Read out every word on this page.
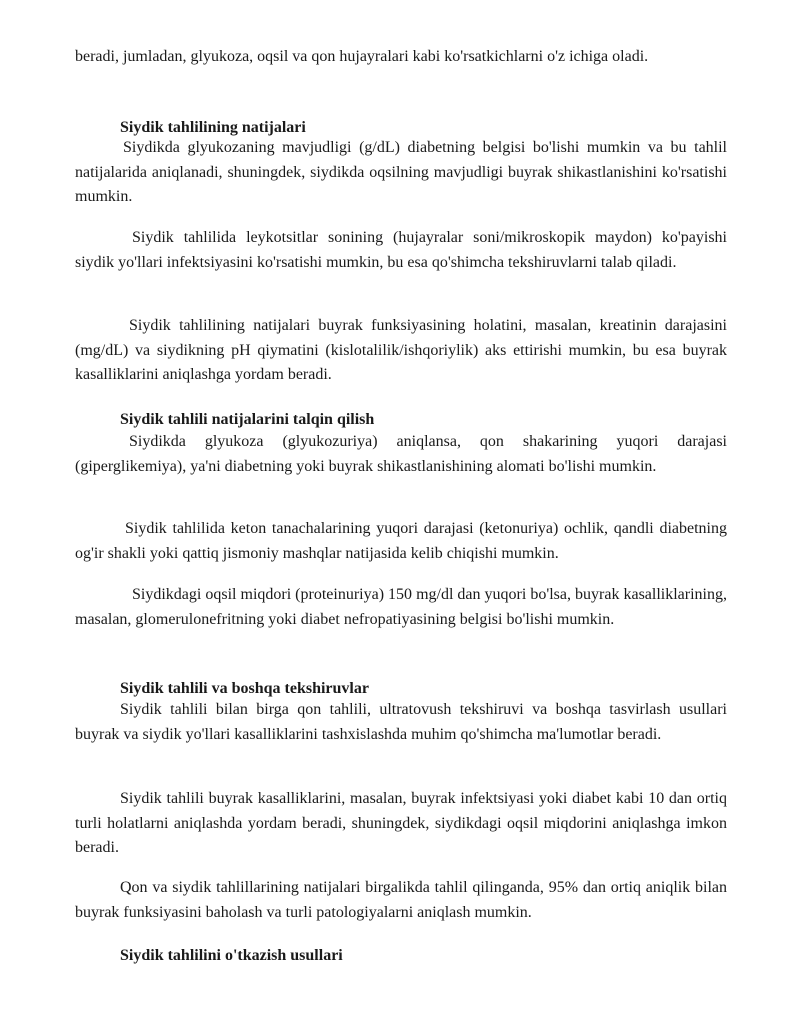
beradi, jumladan, glyukoza, oqsil va qon hujayralari kabi ko'rsatkichlarni o'z ichiga oladi.

Siydik tahlilining natijalari

Siydikda glyukozaning mavjudligi (g/dL) diabetning belgisi bo'lishi mumkin va bu tahlil natijalarida aniqlanadi, shuningdek, siydikda oqsilning mavjudligi buyrak shikastlanishini ko'rsatishi mumkin.

Siydik tahlilida leykotsitlar sonining (hujayralar soni/mikroskopik maydon) ko'payishi siydik yo'llari infektsiyasini ko'rsatishi mumkin, bu esa qo'shimcha tekshiruvlarni talab qiladi.

Siydik tahlilining natijalari buyrak funksiyasining holatini, masalan, kreatinin darajasini (mg/dL) va siydikning pH qiymatini (kislotalilik/ishqoriylik) aks ettirishi mumkin, bu esa buyrak kasalliklarini aniqlashga yordam beradi.

Siydik tahlili natijalarini talqin qilish

Siydikda glyukoza (glyukozuriya) aniqlansa, qon shakarining yuqori darajasi (giperglikemiya), ya'ni diabetning yoki buyrak shikastlanishining alomati bo'lishi mumkin.

Siydik tahlilida keton tanachalarining yuqori darajasi (ketonuriya) ochlik, qandli diabetning og'ir shakli yoki qattiq jismoniy mashqlar natijasida kelib chiqishi mumkin.

Siydikdagi oqsil miqdori (proteinuriya) 150 mg/dl dan yuqori bo'lsa, buyrak kasalliklarining, masalan, glomerulonefritning yoki diabet nefropatiyasining belgisi bo'lishi mumkin.

Siydik tahlili va boshqa tekshiruvlar

Siydik tahlili bilan birga qon tahlili, ultratovush tekshiruvi va boshqa tasvirlash usullari buyrak va siydik yo'llari kasalliklarini tashxislashda muhim qo'shimcha ma'lumotlar beradi.

Siydik tahlili buyrak kasalliklarini, masalan, buyrak infektsiyasi yoki diabet kabi 10 dan ortiq turli holatlarni aniqlashda yordam beradi, shuningdek, siydikdagi oqsil miqdorini aniqlashga imkon beradi.

Qon va siydik tahlillarining natijalari birgalikda tahlil qilinganda, 95% dan ortiq aniqlik bilan buyrak funksiyasini baholash va turli patologiyalarni aniqlash mumkin.

Siydik tahlilini o'tkazish usullari
